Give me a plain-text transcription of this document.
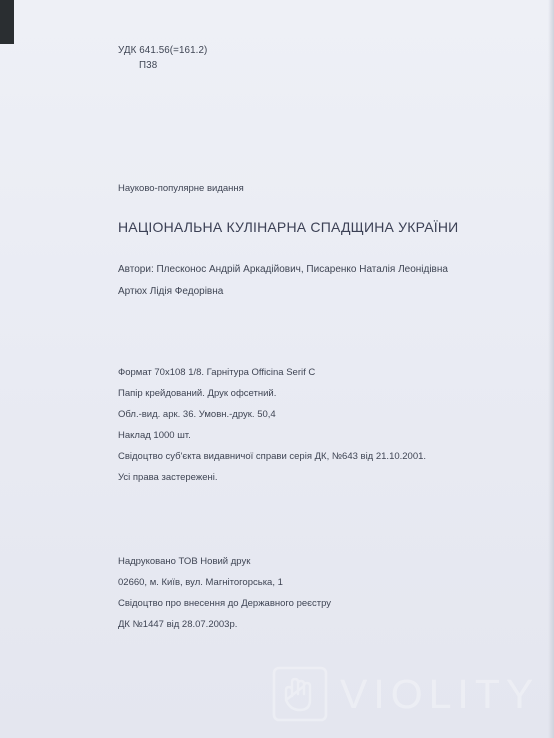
УДК 641.56(=161.2)
П38
Науково-популярне видання
НАЦІОНАЛЬНА КУЛІНАРНА СПАДЩИНА УКРАЇНИ
Автори: Плесконос Андрій Аркадійович, Писаренко Наталія Леонідівна
Артюх Лідія Федорівна
Формат 70х108 1/8. Гарнітура Officina Serif C
Папір крейдований. Друк офсетний.
Обл.-вид. арк. 36. Умовн.-друк. 50,4
Наклад 1000 шт.
Свідоцтво суб'єкта видавничої справи серія ДК, №643 від 21.10.2001.
Усі права застережені.
Надруковано ТОВ Новий друк
02660, м. Київ, вул. Магнітогорська, 1
Свідоцтво про внесення до Державного реєстру
ДК №1447 від 28.07.2003р.
VIOLITY
